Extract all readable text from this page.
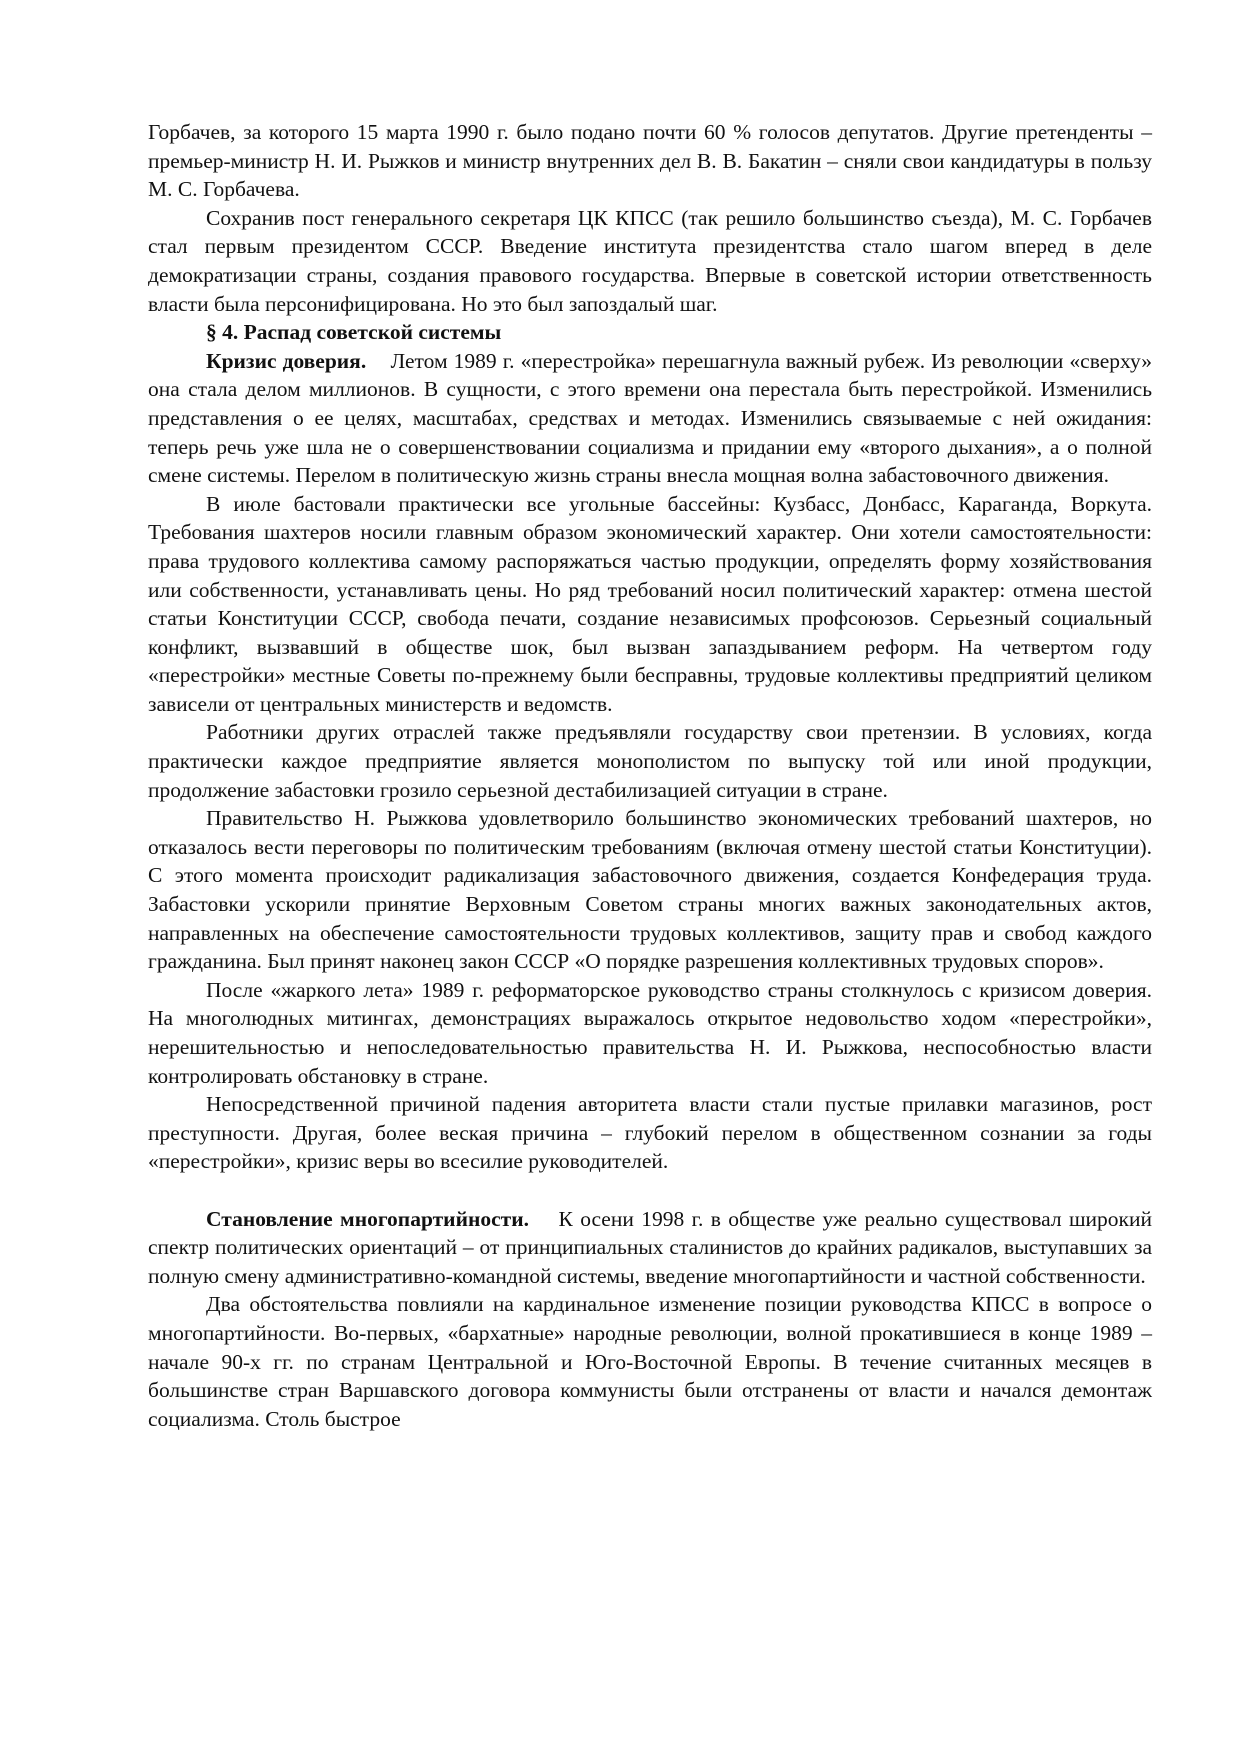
Горбачев, за которого 15 марта 1990 г. было подано почти 60 % голосов депутатов. Другие претенденты – премьер-министр Н. И. Рыжков и министр внутренних дел В. В. Бакатин – сняли свои кандидатуры в пользу М. С. Горбачева.

Сохранив пост генерального секретаря ЦК КПСС (так решило большинство съезда), М. С. Горбачев стал первым президентом СССР. Введение института президентства стало шагом вперед в деле демократизации страны, создания правового государства. Впервые в советской истории ответственность власти была персонифицирована. Но это был запоздалый шаг.

§ 4. Распад советской системы

Кризис доверия. Летом 1989 г. «перестройка» перешагнула важный рубеж. Из революции «сверху» она стала делом миллионов. В сущности, с этого времени она перестала быть перестройкой. Изменились представления о ее целях, масштабах, средствах и методах. Изменились связываемые с ней ожидания: теперь речь уже шла не о совершенствовании социализма и придании ему «второго дыхания», а о полной смене системы. Перелом в политическую жизнь страны внесла мощная волна забастовочного движения.

В июле бастовали практически все угольные бассейны: Кузбасс, Донбасс, Караганда, Воркута. Требования шахтеров носили главным образом экономический характер. Они хотели самостоятельности: права трудового коллектива самому распоряжаться частью продукции, определять форму хозяйствования или собственности, устанавливать цены. Но ряд требований носил политический характер: отмена шестой статьи Конституции СССР, свобода печати, создание независимых профсоюзов. Серьезный социальный конфликт, вызвавший в обществе шок, был вызван запаздыванием реформ. На четвертом году «перестройки» местные Советы по-прежнему были бесправны, трудовые коллективы предприятий целиком зависели от центральных министерств и ведомств.

Работники других отраслей также предъявляли государству свои претензии. В условиях, когда практически каждое предприятие является монополистом по выпуску той или иной продукции, продолжение забастовки грозило серьезной дестабилизацией ситуации в стране.

Правительство Н. Рыжкова удовлетворило большинство экономических требований шахтеров, но отказалось вести переговоры по политическим требованиям (включая отмену шестой статьи Конституции). С этого момента происходит радикализация забастовочного движения, создается Конфедерация труда. Забастовки ускорили принятие Верховным Советом страны многих важных законодательных актов, направленных на обеспечение самостоятельности трудовых коллективов, защиту прав и свобод каждого гражданина. Был принят наконец закон СССР «О порядке разрешения коллективных трудовых споров».

После «жаркого лета» 1989 г. реформаторское руководство страны столкнулось с кризисом доверия. На многолюдных митингах, демонстрациях выражалось открытое недовольство ходом «перестройки», нерешительностью и непоследовательностью правительства Н. И. Рыжкова, неспособностью власти контролировать обстановку в стране.

Непосредственной причиной падения авторитета власти стали пустые прилавки магазинов, рост преступности. Другая, более веская причина – глубокий перелом в общественном сознании за годы «перестройки», кризис веры во всесилие руководителей.

Становление многопартийности. К осени 1998 г. в обществе уже реально существовал широкий спектр политических ориентаций – от принципиальных сталинистов до крайних радикалов, выступавших за полную смену административно-командной системы, введение многопартийности и частной собственности.

Два обстоятельства повлияли на кардинальное изменение позиции руководства КПСС в вопросе о многопартийности. Во-первых, «бархатные» народные революции, волной прокатившиеся в конце 1989 – начале 90-х гг. по странам Центральной и Юго-Восточной Европы. В течение считанных месяцев в большинстве стран Варшавского договора коммунисты были отстранены от власти и начался демонтаж социализма. Столь быстрое
